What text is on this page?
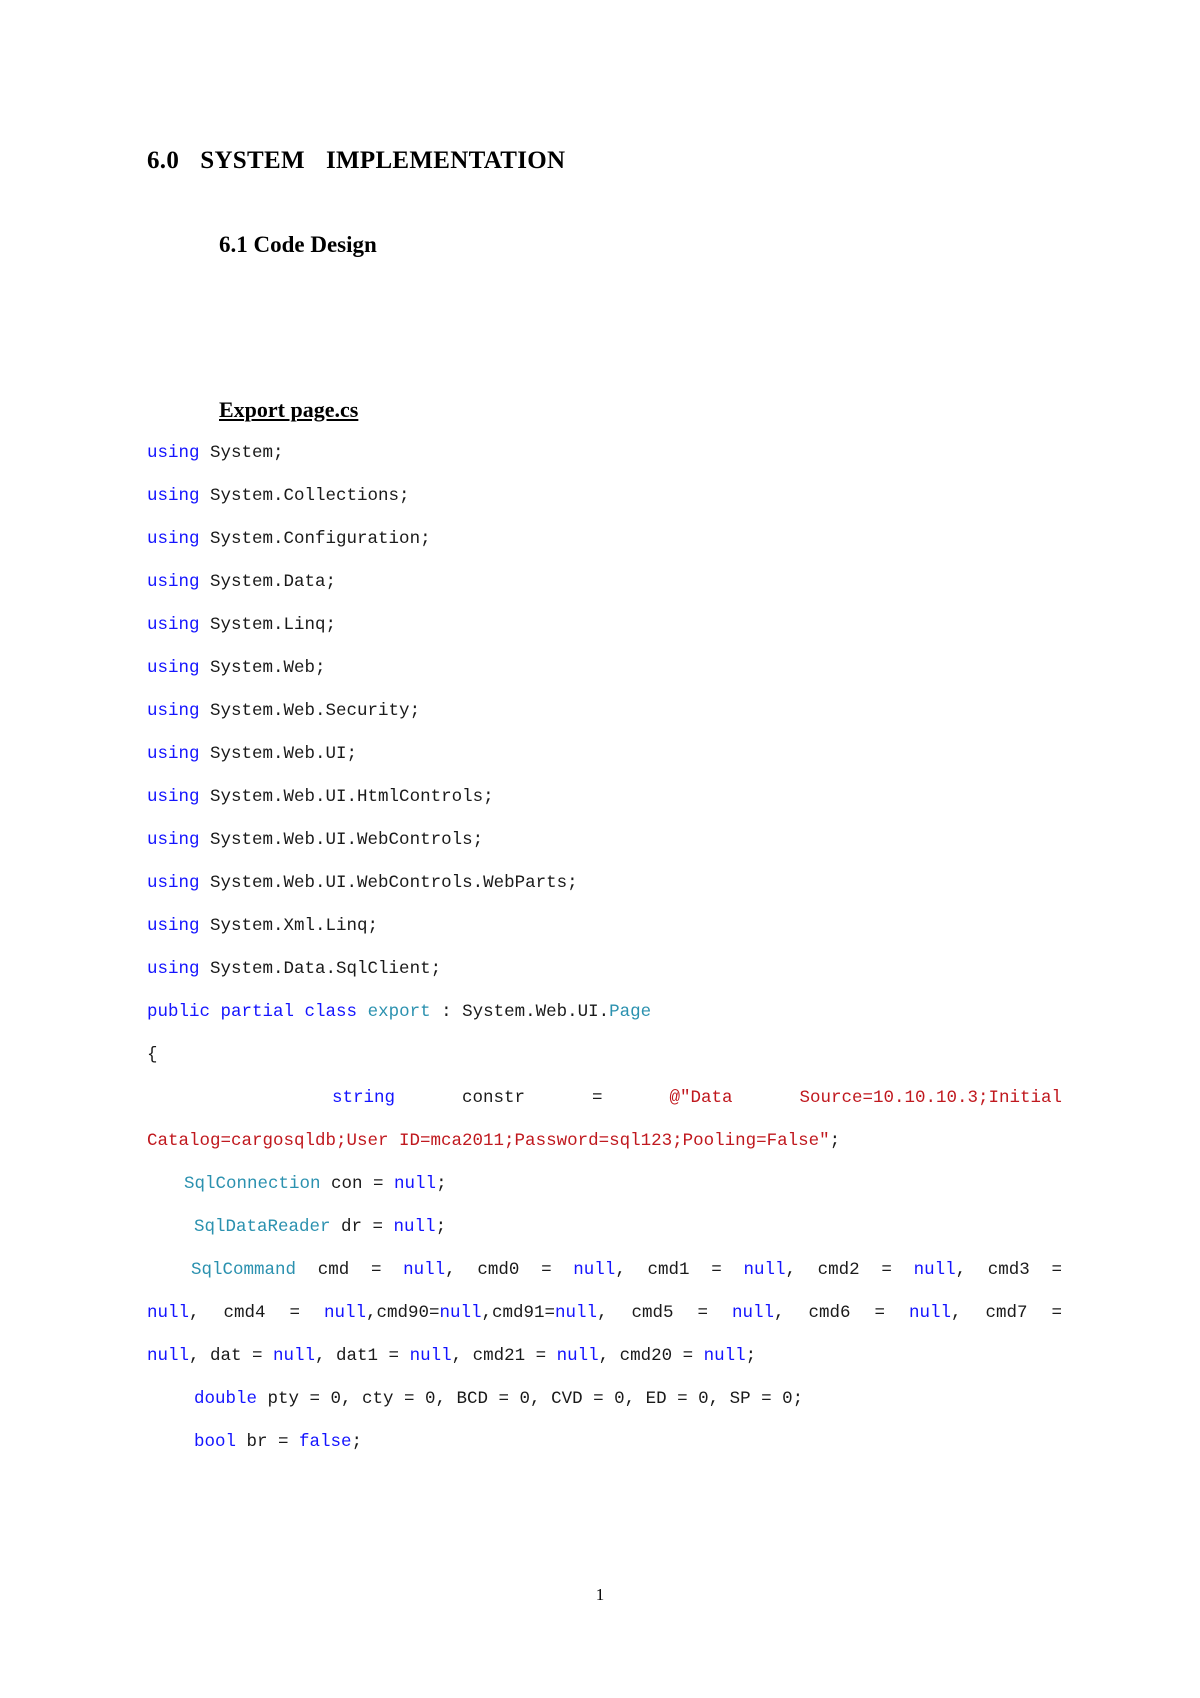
6.0  SYSTEM  IMPLEMENTATION
6.1 Code Design
Export page.cs
using System;
using System.Collections;
using System.Configuration;
using System.Data;
using System.Linq;
using System.Web;
using System.Web.Security;
using System.Web.UI;
using System.Web.UI.HtmlControls;
using System.Web.UI.WebControls;
using System.Web.UI.WebControls.WebParts;
using System.Xml.Linq;
using System.Data.SqlClient;
public partial class export : System.Web.UI.Page
{
string	constr	=	@"Data	Source=10.10.10.3;Initial
Catalog=cargosqldb;User ID=mca2011;Password=sql123;Pooling=False";
SqlConnection con = null;
SqlDataReader dr = null;
SqlCommand cmd = null, cmd0 = null, cmd1 = null, cmd2 = null, cmd3 =
null, cmd4 = null,cmd90=null,cmd91=null, cmd5 = null, cmd6 = null, cmd7 =
null, dat = null, dat1 = null, cmd21 = null, cmd20 = null;
double pty = 0, cty = 0, BCD = 0, CVD = 0, ED = 0, SP = 0;
bool br = false;
1
